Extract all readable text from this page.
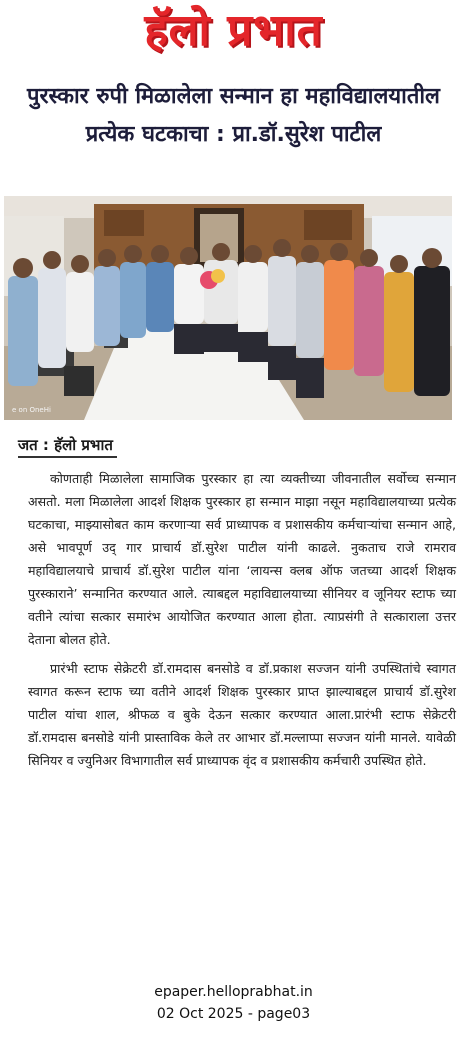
हॅलो प्रभात
पुरस्कार रुपी मिळालेला सन्मान हा महाविद्यालयातील
प्रत्येक घटकाचा : प्रा.डॉ.सुरेश पाटील
e on OneHi
जत : हॅलो प्रभात

कोणताही मिळालेला सामाजिक पुरस्कार हा त्या व्यक्तीच्या जीवनातील सर्वोच्च सन्मान असतो. मला मिळालेला आदर्श शिक्षक पुरस्कार हा सन्मान माझा नसून महाविद्यालयाच्या प्रत्येक घटकाचा, माझ्यासोबत काम करणाऱ्या सर्व प्राध्यापक व प्रशासकीय कर्मचाऱ्यांचा सन्मान आहे, असे भावपूर्ण उद् गार प्राचार्य डॉ.सुरेश पाटील यांनी काढले. नुकताच राजे रामराव महाविद्यालयाचे प्राचार्य डॉ.सुरेश पाटील यांना ‘लायन्स क्लब ऑफ जतच्या आदर्श शिक्षक पुरस्काराने’ सन्मानित करण्यात आले. त्याबद्दल महाविद्यालयाच्या सीनियर व जूनियर स्टाफ च्या वतीने त्यांचा सत्कार समारंभ आयोजित करण्यात आला होता. त्याप्रसंगी ते सत्काराला उत्तर देताना बोलत होते.

प्रारंभी स्टाफ सेक्रेटरी डॉ.रामदास बनसोडे व डॉ.प्रकाश सज्जन यांनी उपस्थितांचे स्वागत स्वागत करून स्टाफ च्या वतीने आदर्श शिक्षक पुरस्कार प्राप्त झाल्याबद्दल प्राचार्य डॉ.सुरेश पाटील यांचा शाल, श्रीफळ व बुके देऊन सत्कार करण्यात आला.प्रारंभी स्टाफ सेक्रेटरी डॉ.रामदास बनसोडे यांनी प्रास्ताविक केले तर आभार डॉ.मल्लाप्पा सज्जन यांनी मानले. यावेळी सिनियर व ज्युनिअर विभागातील सर्व प्राध्यापक वृंद व प्रशासकीय कर्मचारी उपस्थित होते.

epaper.helloprabhat.in
02 Oct 2025 - page03
